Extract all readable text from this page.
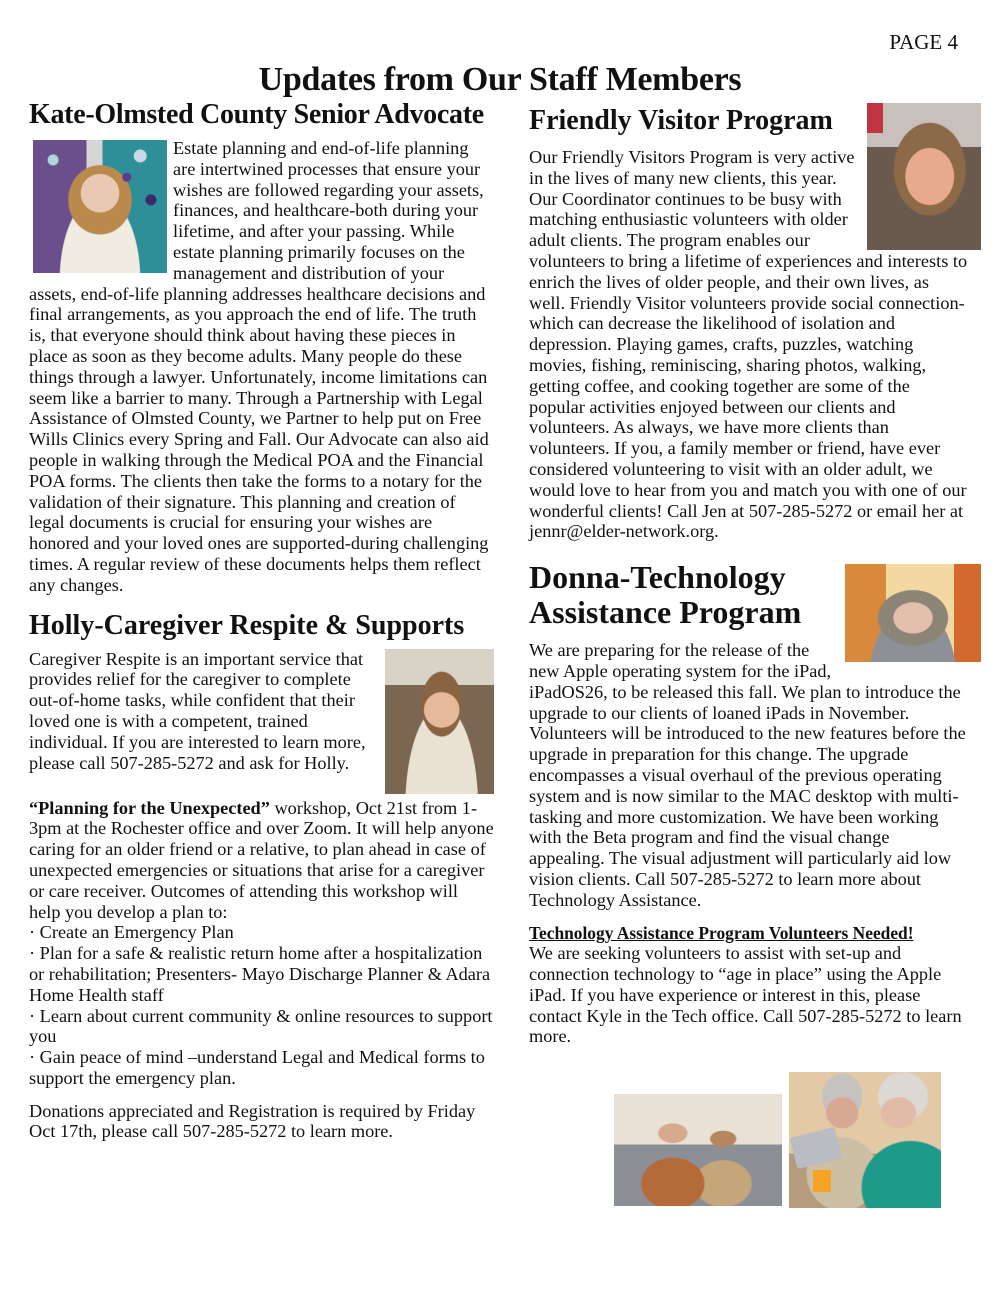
PAGE 4
Updates from Our Staff Members
Kate-Olmsted County Senior Advocate

Estate planning and end-of-life planning are intertwined processes that ensure your wishes are followed regarding your assets, finances, and healthcare-both during your lifetime, and after your passing. While estate planning primarily focuses on the management and distribution of your assets, end-of-life planning addresses healthcare decisions and final arrangements, as you approach the end of life. The truth is, that everyone should think about having these pieces in place as soon as they become adults. Many people do these things through a lawyer. Unfortunately, income limitations can seem like a barrier to many. Through a Partnership with Legal Assistance of Olmsted County, we Partner to help put on Free Wills Clinics every Spring and Fall. Our Advocate can also aid people in walking through the Medical POA and the Financial POA forms. The clients then take the forms to a notary for the validation of their signature. This planning and creation of legal documents is crucial for ensuring your wishes are honored and your loved ones are supported-during challenging times. A regular review of these documents helps them reflect any changes.

Holly-Caregiver Respite & Supports

Caregiver Respite is an important service that provides relief for the caregiver to complete out-of-home tasks, while confident that their loved one is with a competent, trained individual. If you are interested to learn more, please call 507-285-5272 and ask for Holly.

“Planning for the Unexpected” workshop, Oct 21st from 1-3pm at the Rochester office and over Zoom. It will help anyone caring for an older friend or a relative, to plan ahead in case of unexpected emergencies or situations that arise for a caregiver or care receiver. Outcomes of attending this workshop will help you develop a plan to:

· Create an Emergency Plan

· Plan for a safe & realistic return home after a hospitalization or rehabilitation; Presenters- Mayo Discharge Planner & Adara Home Health staff

· Learn about current community & online resources to support you

· Gain peace of mind –understand Legal and Medical forms to support the emergency plan.

Donations appreciated and Registration is required by Friday Oct 17th, please call 507-285-5272 to learn more.

Friendly Visitor Program

Our Friendly Visitors Program is very active in the lives of many new clients, this year. Our Coordinator continues to be busy with matching enthusiastic volunteers with older adult clients. The program enables our volunteers to bring a lifetime of experiences and interests to enrich the lives of older people, and their own lives, as well. Friendly Visitor volunteers provide social connection- which can decrease the likelihood of isolation and depression. Playing games, crafts, puzzles, watching movies, fishing, reminiscing, sharing photos, walking, getting coffee, and cooking together are some of the popular activities enjoyed between our clients and volunteers. As always, we have more clients than volunteers. If you, a family member or friend, have ever considered volunteering to visit with an older adult, we would love to hear from you and match you with one of our wonderful clients! Call Jen at 507-285-5272 or email her at jennr@elder-network.org.

Donna-Technology
Assistance Program

We are preparing for the release of the new Apple operating system for the iPad, iPadOS26, to be released this fall. We plan to introduce the upgrade to our clients of loaned iPads in November. Volunteers will be introduced to the new features before the upgrade in preparation for this change. The upgrade encompasses a visual overhaul of the previous operating system and is now similar to the MAC desktop with multi-tasking and more customization. We have been working with the Beta program and find the visual change appealing. The visual adjustment will particularly aid low vision clients. Call 507-285-5272 to learn more about Technology Assistance.

Technology Assistance Program Volunteers Needed!

We are seeking volunteers to assist with set-up and connection technology to “age in place” using the Apple iPad. If you have experience or interest in this, please contact Kyle in the Tech office. Call 507-285-5272 to learn more.
